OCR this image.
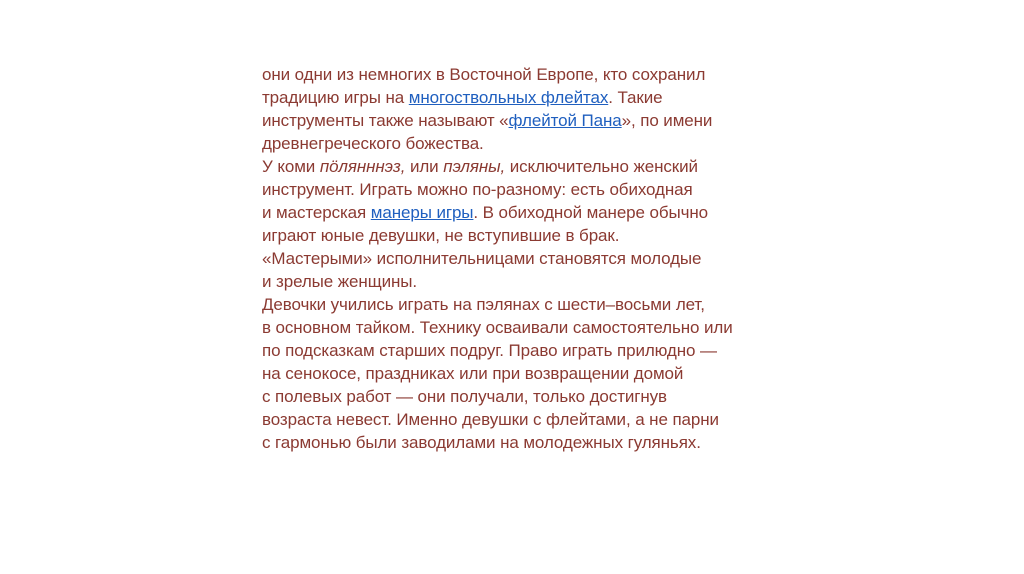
они одни из немногих в Восточной Европе, кто сохранил
традицию игры на многоствольных флейтах. Такие
инструменты также называют «флейтой Пана», по имени
древнегреческого божества.
У коми пӧлянннэз, или пэляны, исключительно женский
инструмент. Играть можно по-разному: есть обиходная
и мастерская манеры игры. В обиходной манере обычно
играют юные девушки, не вступившие в брак.
«Мастерыми» исполнительницами становятся молодые
и зрелые женщины.
Девочки учились играть на пэлянах с шести–восьми лет,
в основном тайком. Технику осваивали самостоятельно или
по подсказкам старших подруг. Право играть прилюдно —
на сенокосе, праздниках или при возвращении домой
с полевых работ — они получали, только достигнув
возраста невест. Именно девушки с флейтами, а не парни
с гармонью были заводилами на молодежных гуляньях.
